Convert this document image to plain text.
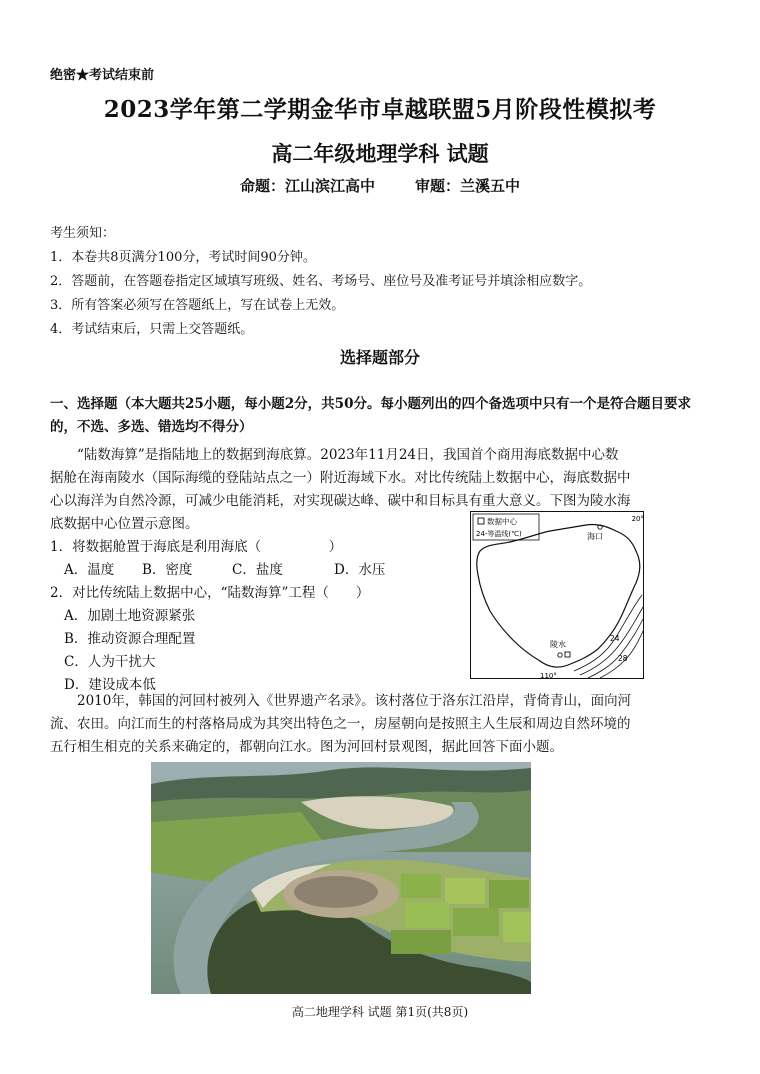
绝密★考试结束前
2023学年第二学期金华市卓越联盟5月阶段性模拟考
高二年级地理学科 试题
命题：江山滨江高中	审题：兰溪五中
考生须知：
1．本卷共8页满分100分，考试时间90分钟。
2．答题前，在答题卷指定区域填写班级、姓名、考场号、座位号及准考证号并填涂相应数字。
3．所有答案必须写在答题纸上，写在试卷上无效。
4．考试结束后，只需上交答题纸。
选择题部分
一、选择题（本大题共25小题，每小题2分，共50分。每小题列出的四个备选项中只有一个是符合题目要求的，不选、多选、错选均不得分）
“陆数海算”是指陆地上的数据到海底算。2023年11月24日，我国首个商用海底数据中心数
据舱在海南陵水（国际海缆的登陆站点之一）附近海域下水。对比传统陆上数据中心，海底数据中
心以海洋为自然冷源，可减少电能消耗，对实现碳达峰、碳中和目标具有重大意义。下图为陵水海
底数据中心位置示意图。
1．将数据舱置于海底是利用海底（　　　　　）
A．温度 B．密度	C．盐度	D．水压
2．对比传统陆上数据中心，“陆数海算”工程（　　）
A．加剧土地资源紧张
B．推动资源合理配置
C．人为干扰大
D．建设成本低
数据中心
24-等温线(℃)
24
28
海口
陵水
20°
110°
2010年，韩国的河回村被列入《世界遗产名录》。该村落位于洛东江沿岸，背倚青山，面向河
流、农田。向江而生的村落格局成为其突出特色之一，房屋朝向是按照主人生辰和周边自然环境的
五行相生相克的关系来确定的，都朝向江水。图为河回村景观图，据此回答下面小题。
高二地理学科 试题 第1页(共8页)
